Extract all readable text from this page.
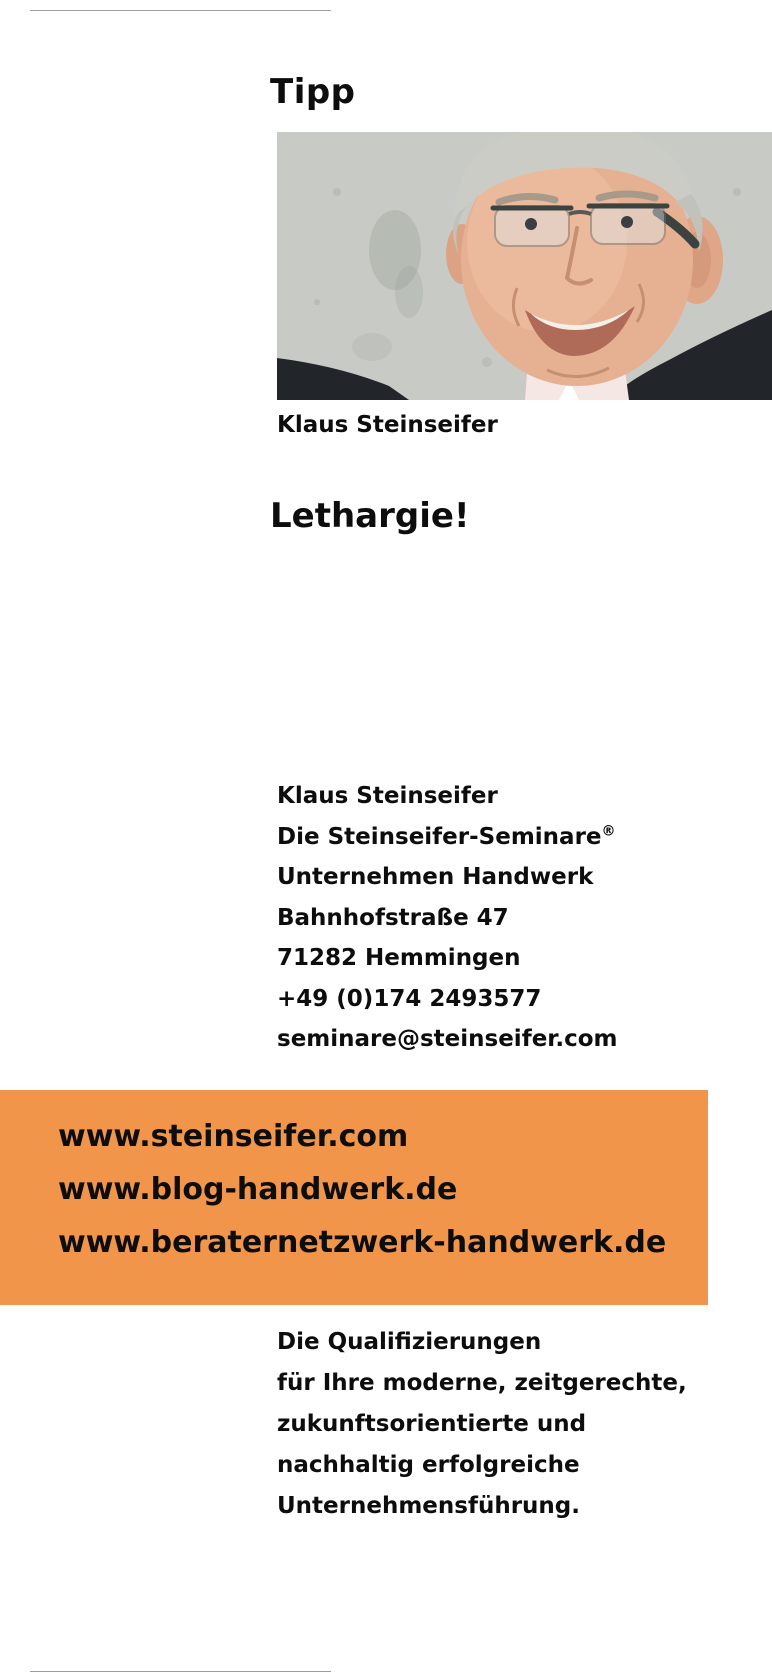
Tipp
Klaus Steinseifer
Lethargie!
Klaus Steinseifer
Die Steinseifer-Seminare®
Unternehmen Handwerk
Bahnhofstraße 47
71282 Hemmingen
+49 (0)174 2493577
seminare@steinseifer.com
www.steinseifer.com
www.blog-handwerk.de
www.beraternetzwerk-handwerk.de
Die Qualifizierungen
für Ihre moderne, zeitgerechte,
zukunftsorientierte und
nachhaltig erfolgreiche
Unternehmensführung.
